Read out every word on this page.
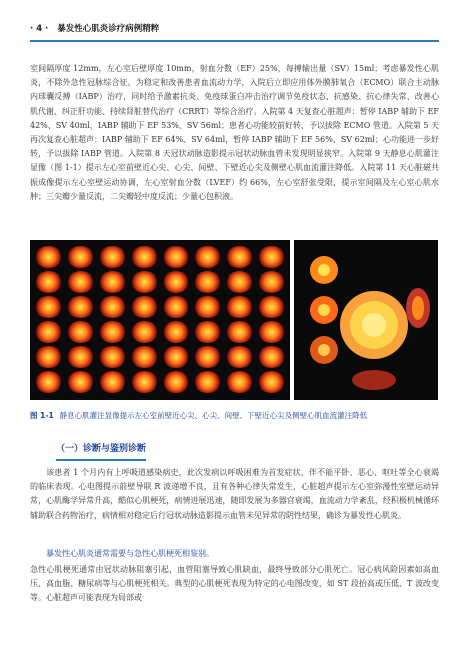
· 4 · 暴发性心肌炎诊疗病例精粹
室间隔厚度 12mm，左心室后壁厚度 10mm，射血分数（EF）25%，每搏输出量（SV）15ml；考虑暴发性心肌炎，不除外急性冠脉综合征。为稳定和改善患者血流动力学，入院后立即应用体外膜肺氧合（ECMO）联合主动脉内球囊反搏（IABP）治疗，同时给予激素抗炎、免疫球蛋白冲击治疗调节免疫状态、抗感染、抗心律失常、改善心肌代谢、纠正肝功能、持续肾脏替代治疗（CRRT）等综合治疗。入院第 4 天复查心脏超声：暂停 IABP 辅助下 EF 42%、SV 40ml，IABP 辅助下 EF 53%、SV 56ml；患者心功能较前好转，予以拔除 ECMO 管道。入院第 5 天再次复查心脏超声：IABP 辅助下 EF 64%、SV 64ml，暂停 IABP 辅助下 EF 56%、SV 62ml；心功能进一步好转，予以拔除 IABP 管道。入院第 8 天冠状动脉造影提示冠状动脉血管未发现明显狭窄。入院第 9 天静息心肌灌注显像（图 1-1）提示左心室前壁近心尖、心尖、间壁、下壁近心尖及侧壁心肌血流灌注降低。入院第 11 天心脏磁共振成像提示左心室壁运动协调，左心室射血分数（LVEF）约 66%，左心室舒张受限，提示室间隔及左心室心肌水肿；三尖瓣少量反流，二尖瓣轻中度反流；少量心包积液。
图 1-1 静息心肌灌注显像提示左心室前壁近心尖、心尖、间壁、下壁近心尖及侧壁心肌血流灌注降低
（一）诊断与鉴别诊断
该患者 1 个月内有上呼吸道感染病史，此次发病以呼吸困难为首发症状，伴不能平卧、恶心、呕吐等全心衰竭的临床表现。心电图提示前壁导联 R 波递增不良，且有各种心律失常发生，心脏超声提示左心室弥漫性室壁运动异常，心肌酶学异常升高，酷似心肌梗死，病情进展迅速，随即发展为多器官衰竭，血流动力学紊乱，经积极机械循环辅助联合药物治疗，病情相对稳定后行冠状动脉造影提示血管未见异常的阴性结果，确诊为暴发性心肌炎。
暴发性心肌炎通常需要与急性心肌梗死相鉴别。
急性心肌梗死通常由冠状动脉阻塞引起，血管阻塞导致心肌缺血，最终导致部分心肌死亡。冠心病风险因素如高血压、高血脂、糖尿病等与心肌梗死相关。典型的心肌梗死表现为特定的心电图改变，如 ST 段抬高或压低、T 波改变等。心脏超声可能表现为局部或
